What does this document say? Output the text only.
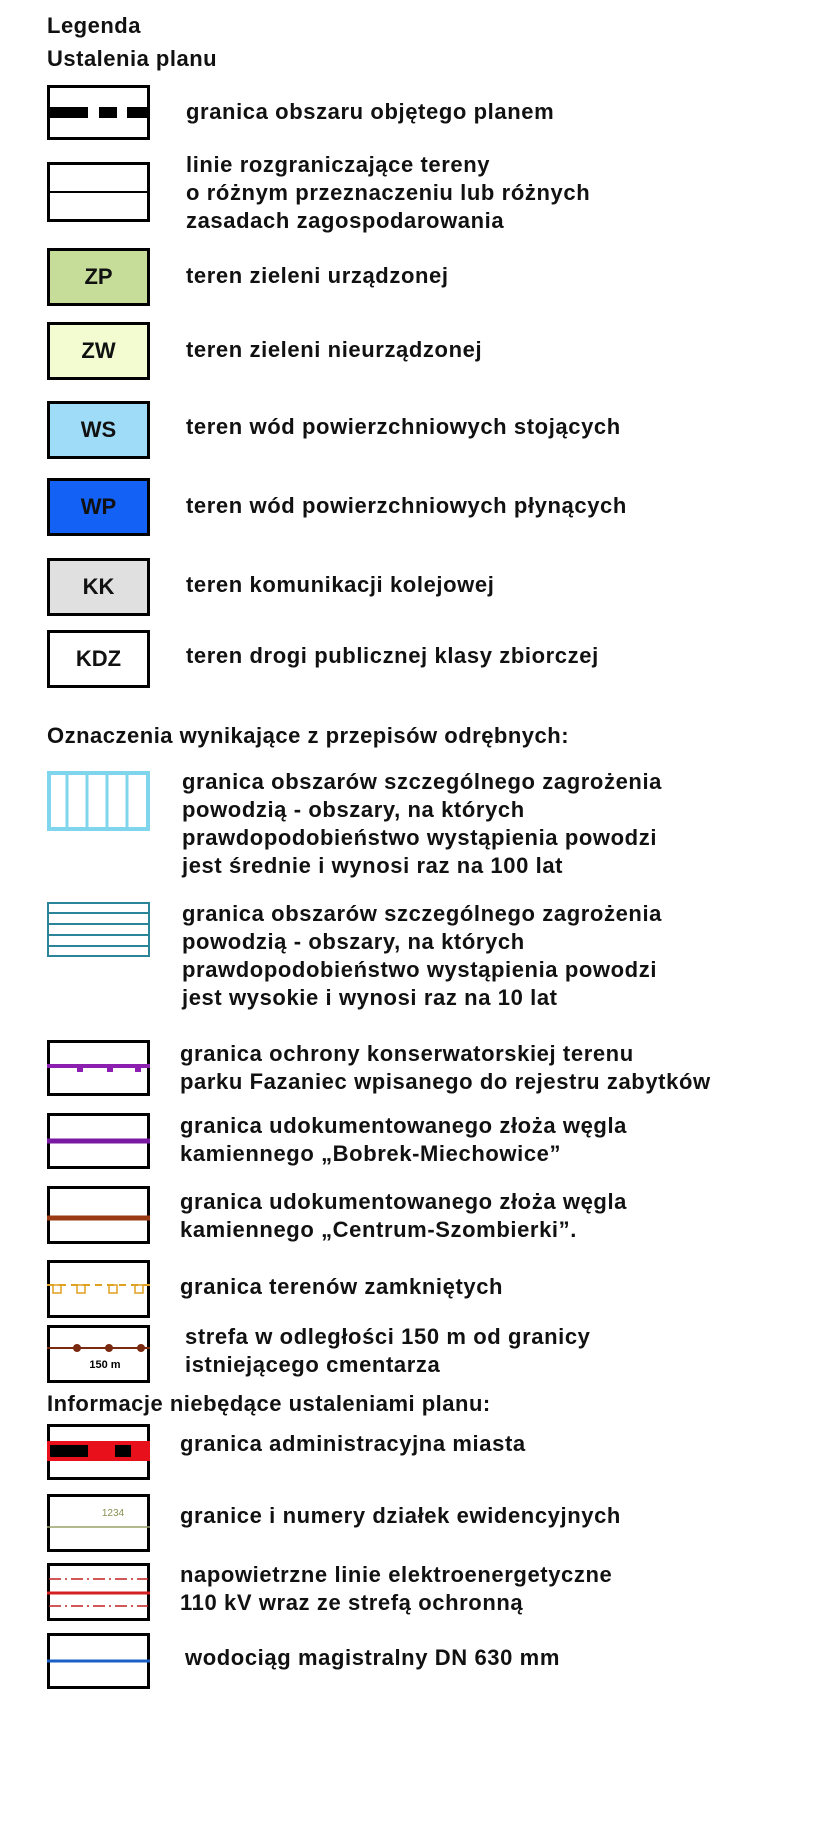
Legenda
Ustalenia planu
granica obszaru objętego planem
linie rozgraniczające tereny
o różnym przeznaczeniu lub różnych
zasadach zagospodarowania
ZP	teren zieleni urządzonej
ZW	teren zieleni nieurządzonej
WS	teren wód powierzchniowych stojących
WP	teren wód powierzchniowych płynących
KK	teren komunikacji kolejowej
KDZ	teren drogi publicznej klasy zbiorczej
Oznaczenia wynikające z przepisów odrębnych:
granica obszarów szczególnego zagrożenia
powodzią - obszary, na których
prawdopodobieństwo wystąpienia powodzi
jest średnie i wynosi raz na 100 lat
granica obszarów szczególnego zagrożenia
powodzią - obszary, na których
prawdopodobieństwo wystąpienia powodzi
jest wysokie i wynosi raz na 10 lat
granica ochrony konserwatorskiej terenu
parku Fazaniec wpisanego do rejestru zabytków
granica udokumentowanego złoża węgla
kamiennego „Bobrek-Miechowice”
granica udokumentowanego złoża węgla
kamiennego „Centrum-Szombierki”.
granica terenów zamkniętych
150 m
strefa w odległości 150 m od granicy
istniejącego cmentarza
Informacje niebędące ustaleniami planu:
granica administracyjna miasta
1234	granice i numery działek ewidencyjnych
napowietrzne linie elektroenergetyczne
110 kV wraz ze strefą ochronną
wodociąg magistralny DN 630 mm
